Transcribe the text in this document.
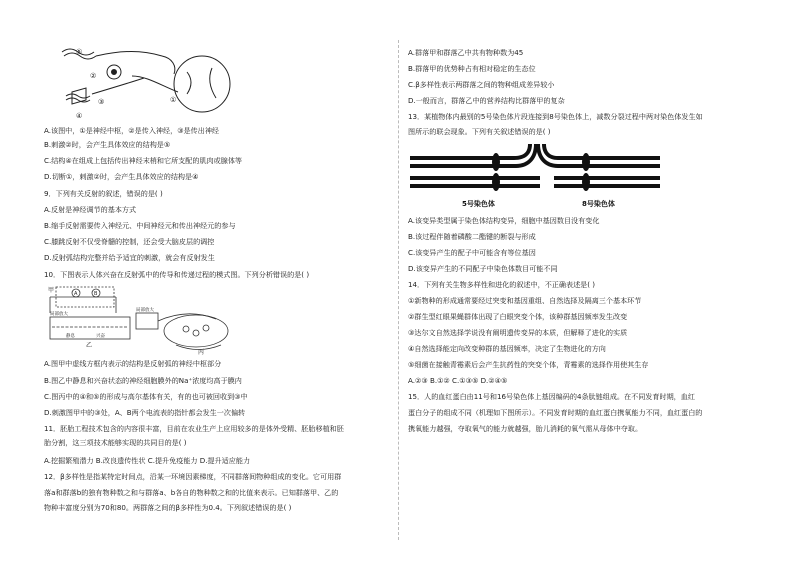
⑤
②
①
③
④
A.该图中，①是神经中枢，②是传入神经，③是传出神经
B.刺激②时，会产生具体效应的结构是⑤
C.结构④在组成上包括传出神经末梢和它所支配的肌肉或腺体等
D.切断①，刺激②时，会产生具体效应的结构是④
9．下列有关反射的叙述，错误的是( )
A.反射是神经调节的基本方式
B.缩手反射需要传入神经元、中间神经元和传出神经元的参与
C.膝跳反射不仅受脊髓的控制，还会受大脑皮层的调控
D.反射弧结构完整并给予适宜的刺激，就会有反射发生
10．下图表示人体兴奋在反射弧中的传导和传递过程的模式图。下列分析错误的是( )
甲	A	B
局部放大
静息	兴奋
局部放大
乙
丙
A.图甲中虚线方框内表示的结构是反射弧的神经中枢部分
B.图乙中静息和兴奋状态的神经细胞膜外的Na⁺浓度均高于膜内
C.图丙中的④和⑤的形成与高尔基体有关，有的也可被回收到③中
D.刺激图甲中的③处，A、B两个电流表的指针都会发生一次偏转
11．胚胎工程技术包含的内容很丰富，目前在农业生产上应用较多的是体外受精、胚胎移植和胚
胎分割，这三项技术能够实现的共同目的是( )
A.挖掘繁殖潜力 B.改良遗传性状 C.提升免疫能力 D.提升适应能力
12．β多样性是指某特定时间点，沿某一环境因素梯度，不同群落间物种组成的变化。它可用群
落a和群落b的独有物种数之和与群落a、b各自的物种数之和的比值来表示。已知群落甲、乙的
物种丰富度分别为70和80。两群落之间的β多样性为0.4。下列叙述错误的是( )
A.群落甲和群落乙中共有物种数为45
B.群落甲的优势种占有相对稳定的生态位
C.β多样性表示两群落之间的物种组成差异较小
D.一般而言，群落乙中的营养结构比群落甲的复杂
13．某植物体内最别的5号染色体片段连接到8号染色体上，减数分裂过程中两对染色体发生如
图所示的联会现象。下列有关叙述错误的是( )
5号染色体	8号染色体
A.该变异类型属于染色体结构变异，细胞中基因数目没有变化
B.该过程伴随着磷酸二酯键的断裂与形成
C.该变异产生的配子中可能含有等位基因
D.该变异产生的不同配子中染色体数目可能不同
14．下列有关生物多样性和进化的叙述中，不正确表述是( )
①新物种的形成通常要经过突变和基因重组、自然选择及隔离三个基本环节
②群生型红眼果蝇群体出现了白眼突变个体，该种群基因频率发生改变
③达尔文自然选择学说没有阐明遗传变异的本质，但解释了进化的实质
④自然选择能定向改变种群的基因频率，决定了生物进化的方向
⑤细菌在接触青霉素后会产生抗药性的突变个体，青霉素的选择作用使其生存
A.②③ B.①② C.①③⑤ D.②④⑤
15．人的血红蛋白由11号和16号染色体上基因编码的4条肽链组成。在不同发育时期，血红
蛋白分子的组成不同（机理如下图所示）。不同发育时期的血红蛋白携氧能力不同，血红蛋白的
携氧能力越强，夺取氧气的能力就越强，胎儿消耗的氧气需从母体中夺取。
